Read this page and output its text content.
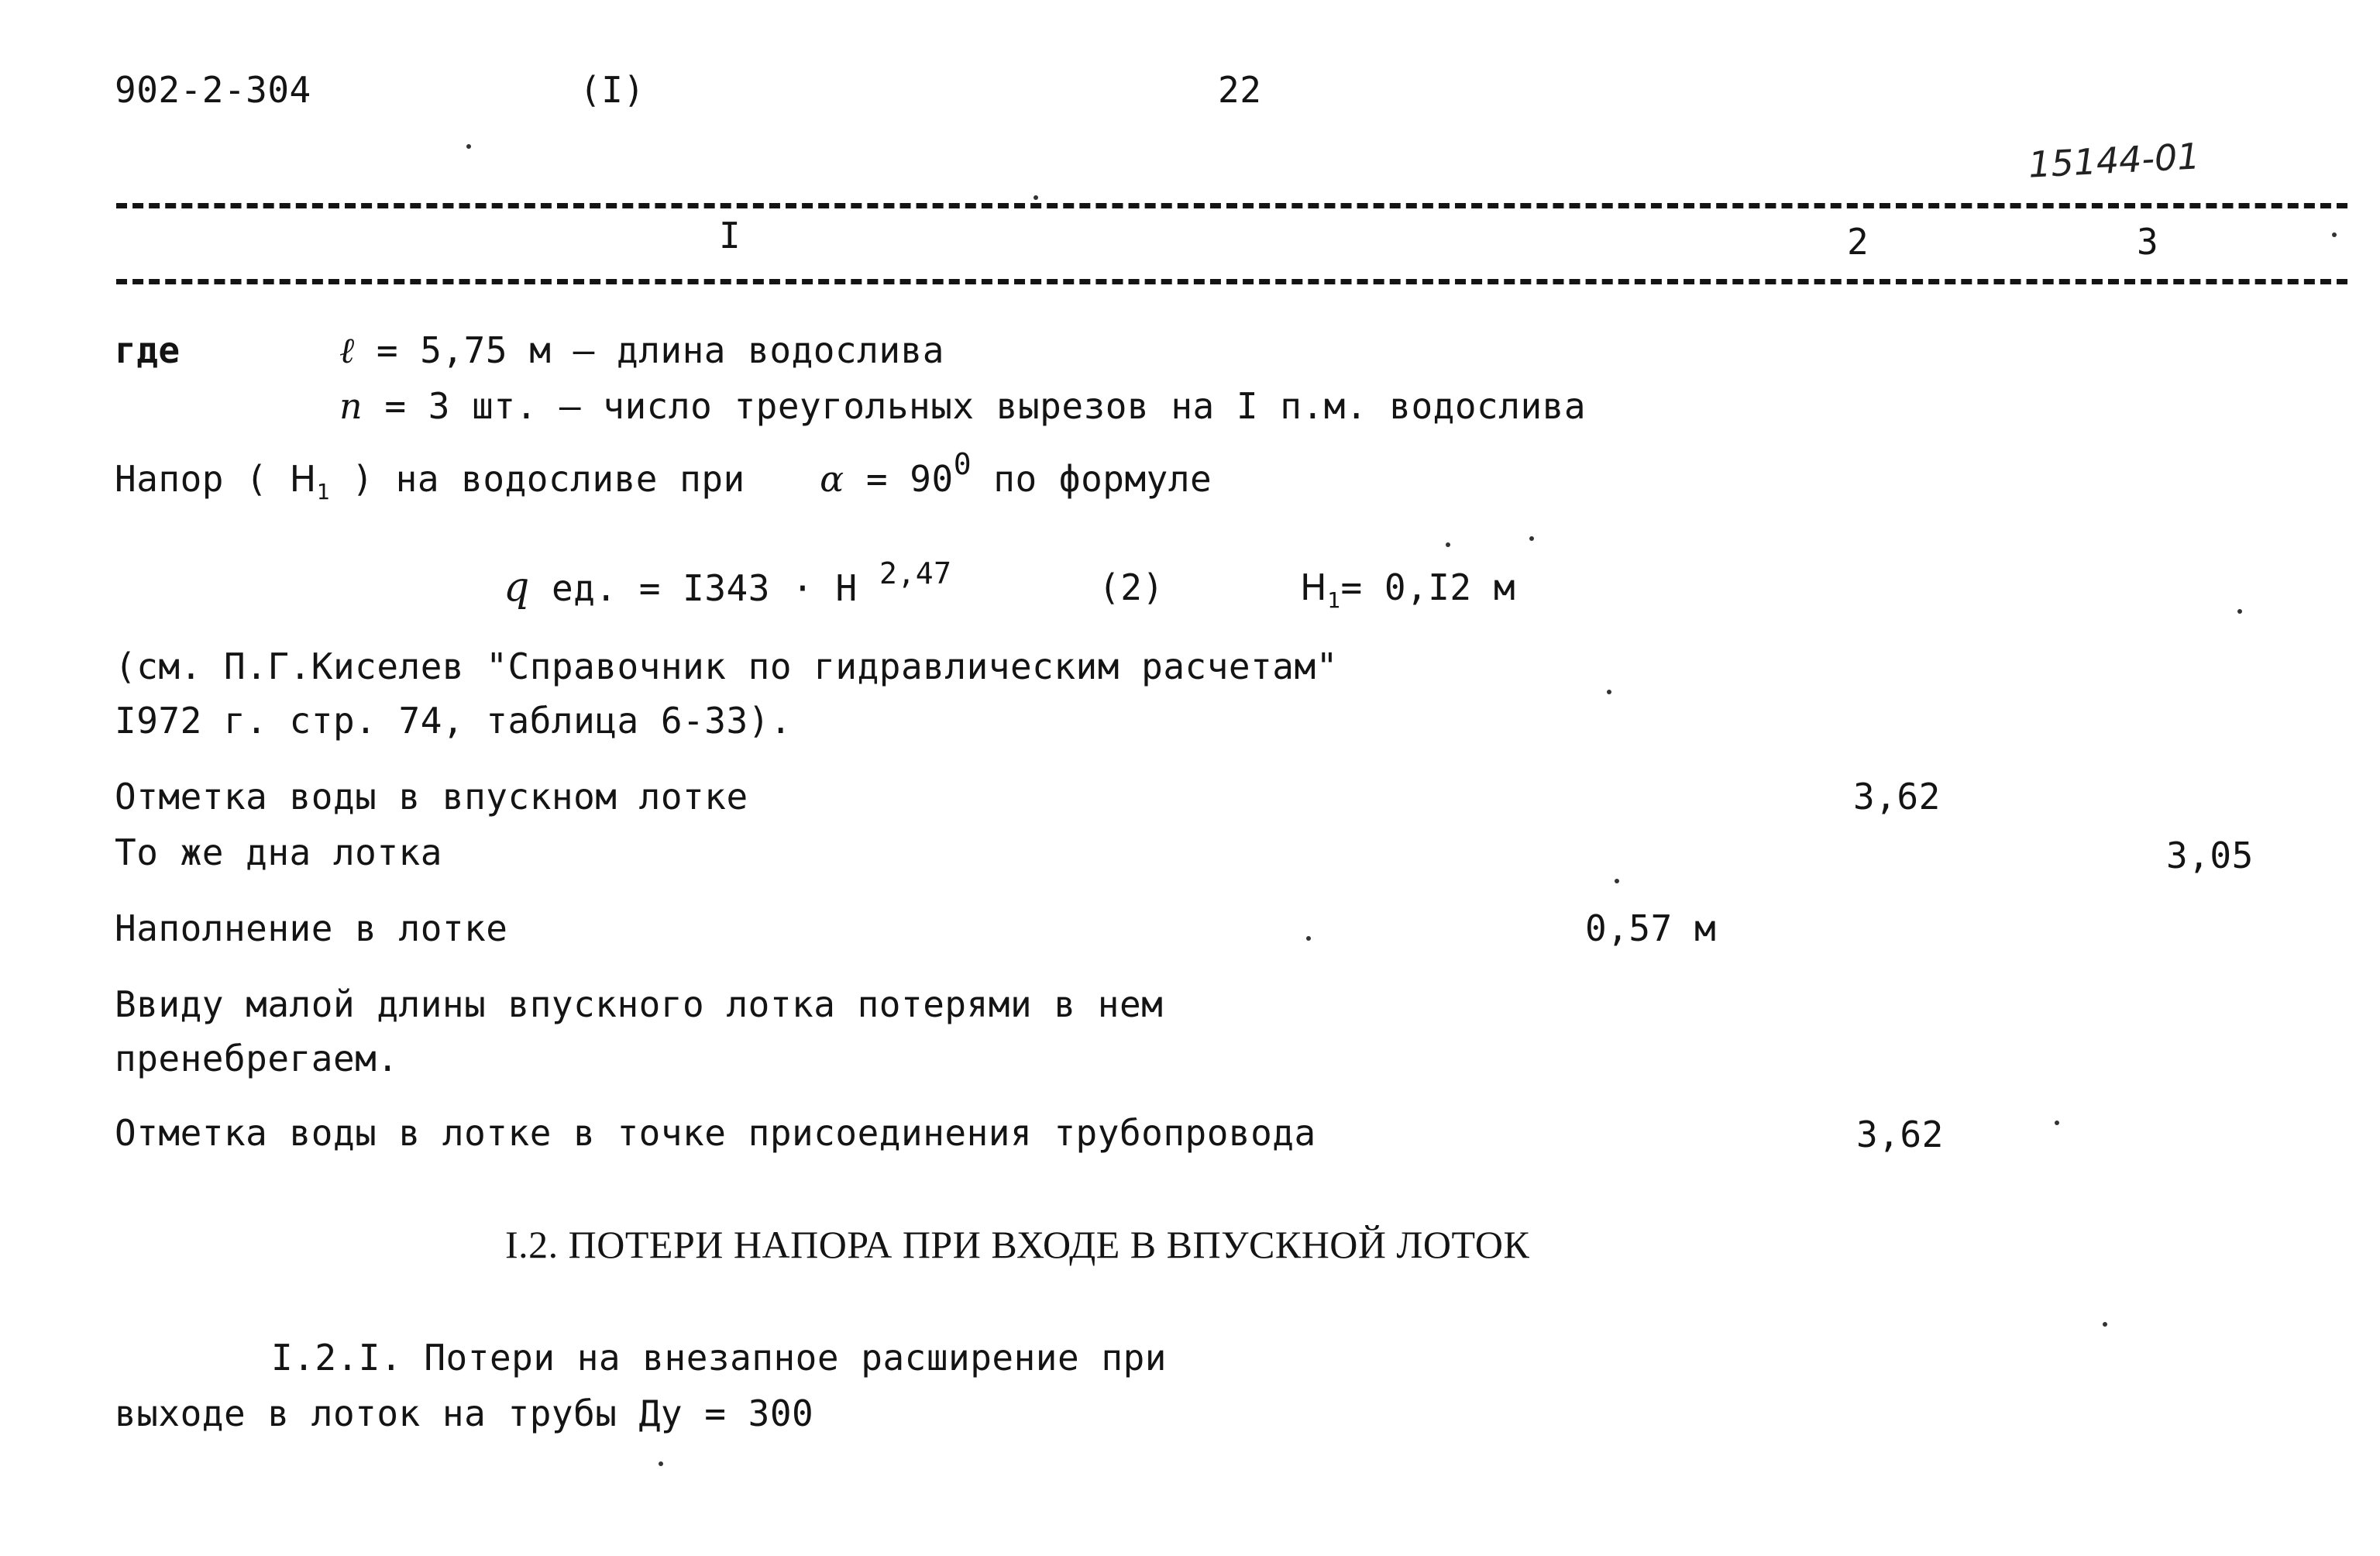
902-2-304	(I)	22
15144-01
I	2	3
где	ℓ = 5,75 м – длина водослива
n = 3 шт. – число треугольных вырезов на I п.м. водослива
Напор ( $H_1$ ) на водосливе при $\alpha = 90^0$ по формуле
q ед. = I343 · H $^{2,47}$	(2)	$H_1= 0,I2$ м
(см. П.Г.Киселев "Справочник по гидравлическим расчетам"
I972 г. стр. 74, таблица 6-33).
Отметка воды в впускном лотке	3,62
То же дна лотка	3,05
Наполнение в лотке	0,57 м
Ввиду малой длины впускного лотка потерями в нем
пренебрегаем.
Отметка воды в лотке в точке присоединения трубопровода	3,62
I.2. ПОТЕРИ НАПОРА ПРИ ВХОДЕ В ВПУСКНОЙ ЛОТОК
I.2.I. Потери на внезапное расширение при
выходе в лоток на трубы Ду = 300
